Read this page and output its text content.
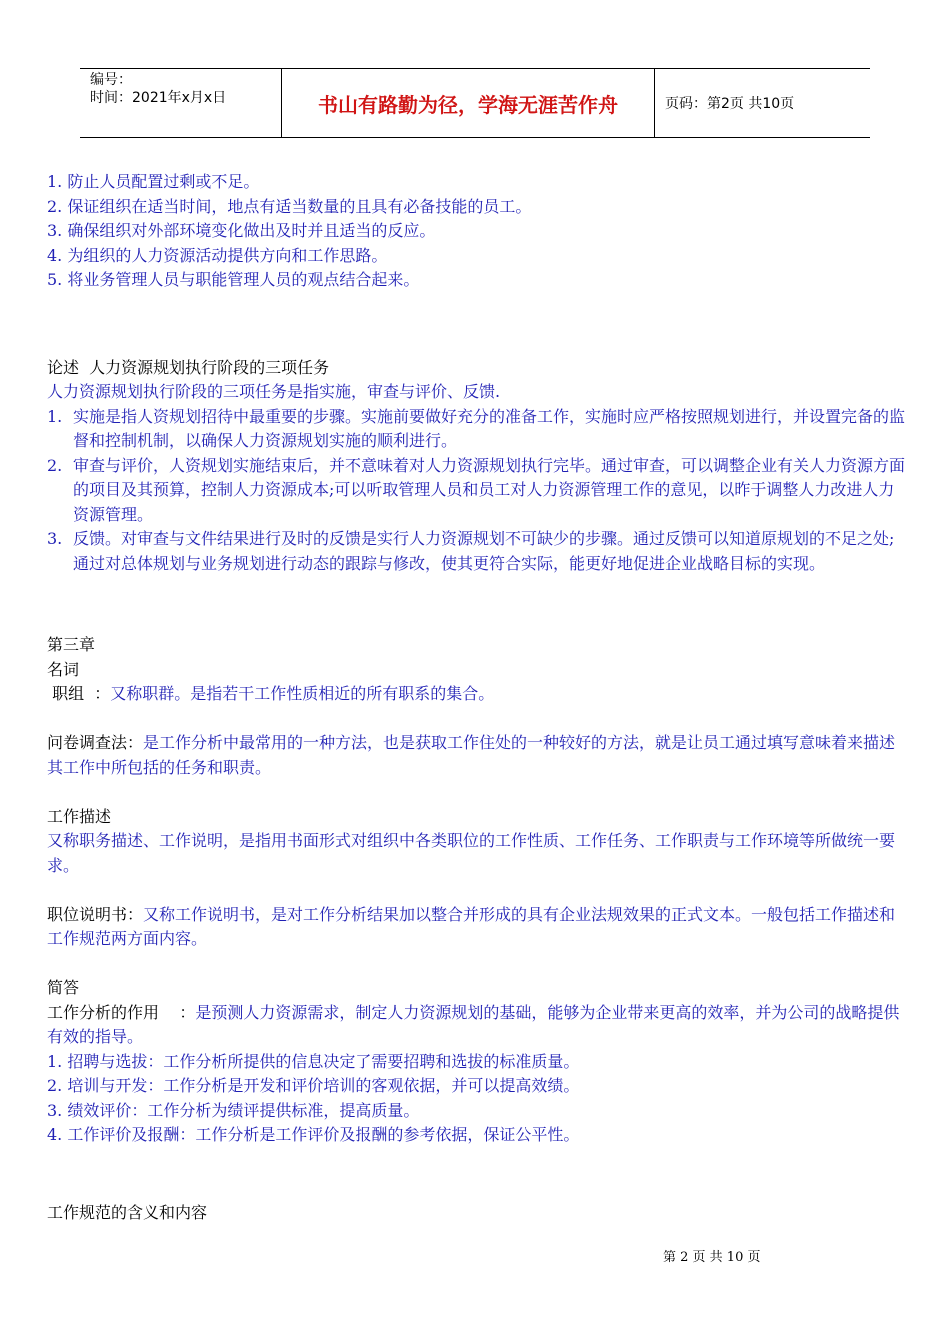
编号：
时间：2021年x月x日	书山有路勤为径，学海无涯苦作舟	页码：第2页 共10页
1. 防止人员配置过剩或不足。
2. 保证组织在适当时间，地点有适当数量的且具有必备技能的员工。
3. 确保组织对外部环境变化做出及时并且适当的反应。
4. 为组织的人力资源活动提供方向和工作思路。
5. 将业务管理人员与职能管理人员的观点结合起来。
论述  人力资源规划执行阶段的三项任务
人力资源规划执行阶段的三项任务是指实施，审查与评价、反馈.
1. 实施是指人资规划招待中最重要的步骤。实施前要做好充分的准备工作，实施时应严格按照规划进行，并设置完备的监督和控制机制，以确保人力资源规划实施的顺利进行。
2. 审查与评价，人资规划实施结束后，并不意味着对人力资源规划执行完毕。通过审查，可以调整企业有关人力资源方面的项目及其预算，控制人力资源成本;可以听取管理人员和员工对人力资源管理工作的意见，以昨于调整人力改进人力资源管理。
3. 反馈。对审查与文件结果进行及时的反馈是实行人力资源规划不可缺少的步骤。通过反馈可以知道原规划的不足之处;通过对总体规划与业务规划进行动态的跟踪与修改，使其更符合实际，能更好地促进企业战略目标的实现。
第三章
名词
职组  ：又称职群。是指若干工作性质相近的所有职系的集合。
问卷调查法：是工作分析中最常用的一种方法，也是获取工作住处的一种较好的方法，就是让员工通过填写意味着来描述其工作中所包括的任务和职责。
工作描述
又称职务描述、工作说明，是指用书面形式对组织中各类职位的工作性质、工作任务、工作职责与工作环境等所做统一要求。
职位说明书：又称工作说明书，是对工作分析结果加以整合并形成的具有企业法规效果的正式文本。一般包括工作描述和工作规范两方面内容。
简答
工作分析的作用    ：是预测人力资源需求，制定人力资源规划的基础，能够为企业带来更高的效率，并为公司的战略提供有效的指导。
1. 招聘与选拔：工作分析所提供的信息决定了需要招聘和选拔的标准质量。
2. 培训与开发：工作分析是开发和评价培训的客观依据，并可以提高效绩。
3. 绩效评价：工作分析为绩评提供标准，提高质量。
4. 工作评价及报酬：工作分析是工作评价及报酬的参考依据，保证公平性。
工作规范的含义和内容
第 2 页 共 10 页
